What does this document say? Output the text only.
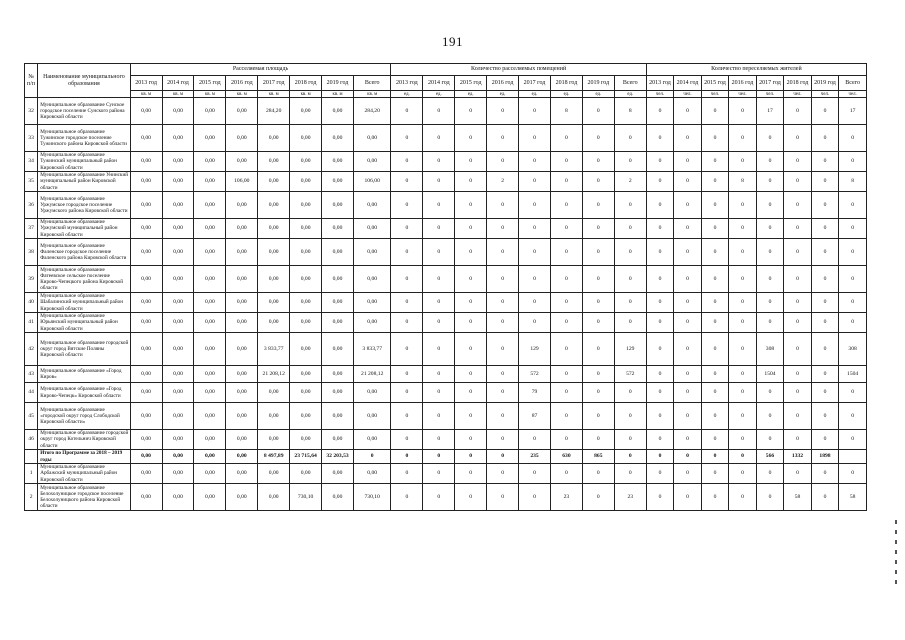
191
№ п/п	Наименование муниципального образования	Расселяемая площадь								Количество расселяемых помещений								Количество переселяемых жителей							
		2013 год	2014 год	2015 год	2016 год	2017 год	2018 год	2019 год	Всего	2013 год	2014 год	2015 год	2016 год	2017 год	2018 год	2019 год	Всего	2013 год	2014 год	2015 год	2016 год	2017 год	2018 год	2019 год	Всего
		кв. м	кв. м	кв. м	кв. м	кв. м	кв. м	кв. м	кв. м	ед.	ед.	ед.	ед.	ед.	ед.	ед.	ед.	чел.	чел.	чел.	чел.	чел.	чел.	чел.	чел.
32	Муниципальное образование Сунское городское поселение Сунского района Кировской области	0,00	0,00	0,00	0,00	284,20	0,00	0,00	284,20	0	0	0	0	0	8	0	8	0	0	0	0	17	0	0	17
33	Муниципальное образование Тужинское городское поселение Тужинского района Кировской области	0,00	0,00	0,00	0,00	0,00	0,00	0,00	0,00	0	0	0	0	0	0	0	0	0	0	0	0	0	0	0	0
34	Муниципальное образование Тужинский муниципальный район Кировской области	0,00	0,00	0,00	0,00	0,00	0,00	0,00	0,00	0	0	0	0	0	0	0	0	0	0	0	0	0	0	0	0
35	Муниципальное образование Унинский муниципальный район Кировской области	0,00	0,00	0,00	106,00	0,00	0,00	0,00	106,00	0	0	0	2	0	0	0	2	0	0	0	8	0	0	0	8
36	Муниципальное образование Уржумское городское поселение Уржумского района Кировской области	0,00	0,00	0,00	0,00	0,00	0,00	0,00	0,00	0	0	0	0	0	0	0	0	0	0	0	0	0	0	0	0
37	Муниципальное образование Уржумский муниципальный район Кировской области	0,00	0,00	0,00	0,00	0,00	0,00	0,00	0,00	0	0	0	0	0	0	0	0	0	0	0	0	0	0	0	0
38	Муниципальное образование Фаленское городское поселение Фаленского района Кировской области	0,00	0,00	0,00	0,00	0,00	0,00	0,00	0,00	0	0	0	0	0	0	0	0	0	0	0	0	0	0	0	0
39	Муниципальное образование Фатеевское сельское поселение Кирово-Чепецкого района Кировской области	0,00	0,00	0,00	0,00	0,00	0,00	0,00	0,00	0	0	0	0	0	0	0	0	0	0	0	0	0	0	0	0
40	Муниципальное образование Шабалинский муниципальный район Кировской области	0,00	0,00	0,00	0,00	0,00	0,00	0,00	0,00	0	0	0	0	0	0	0	0	0	0	0	0	0	0	0	0
41	Муниципальное образование Юрьянский муниципальный район Кировской области	0,00	0,00	0,00	0,00	0,00	0,00	0,00	0,00	0	0	0	0	0	0	0	0	0	0	0	0	0	0	0	0
42	Муниципальное образование городской округ город Вятские Поляны Кировской области	0,00	0,00	0,00	0,00	3 833,77	0,00	0,00	3 833,77	0	0	0	0	129	0	0	129	0	0	0	0	308	0	0	308
43	Муниципальное образование «Город Киров»	0,00	0,00	0,00	0,00	21 208,12	0,00	0,00	21 208,12	0	0	0	0	572	0	0	572	0	0	0	0	1504	0	0	1504
44	Муниципальное образование «Город Кирово-Чепецк» Кировской области	0,00	0,00	0,00	0,00	0,00	0,00	0,00	0,00	0	0	0	0	79	0	0	0	0	0	0	0	0	0	0	0
45	Муниципальное образование «городской округ город Слободской Кировской области»	0,00	0,00	0,00	0,00	0,00	0,00	0,00	0,00	0	0	0	0	87	0	0	0	0	0	0	0	0	0	0	0
46	Муниципальное образование городской округ город Котельнич Кировской области	0,00	0,00	0,00	0,00	0,00	0,00	0,00	0,00	0	0	0	0	0	0	0	0	0	0	0	0	0	0	0	0
	Итого по Программе за 2018 – 2019 годы	0,00	0,00	0,00	0,00	8 497,89	23 715,64	32 203,53	0	0	0	0	0	235	630	865	0	0	0	0	0	566	1332	1898	
1	Муниципальное образование Арбажский муниципальный район Кировской области	0,00	0,00	0,00	0,00	0,00	0,00	0,00	0,00	0	0	0	0	0	0	0	0	0	0	0	0	0	0	0	0
2	Муниципальное образование Белохолуницкое городское поселение Белохолуницкого района Кировской области	0,00	0,00	0,00	0,00	0,00	730,10	0,00	730,10	0	0	0	0	0	23	0	23	0	0	0	0	0	58	0	58
